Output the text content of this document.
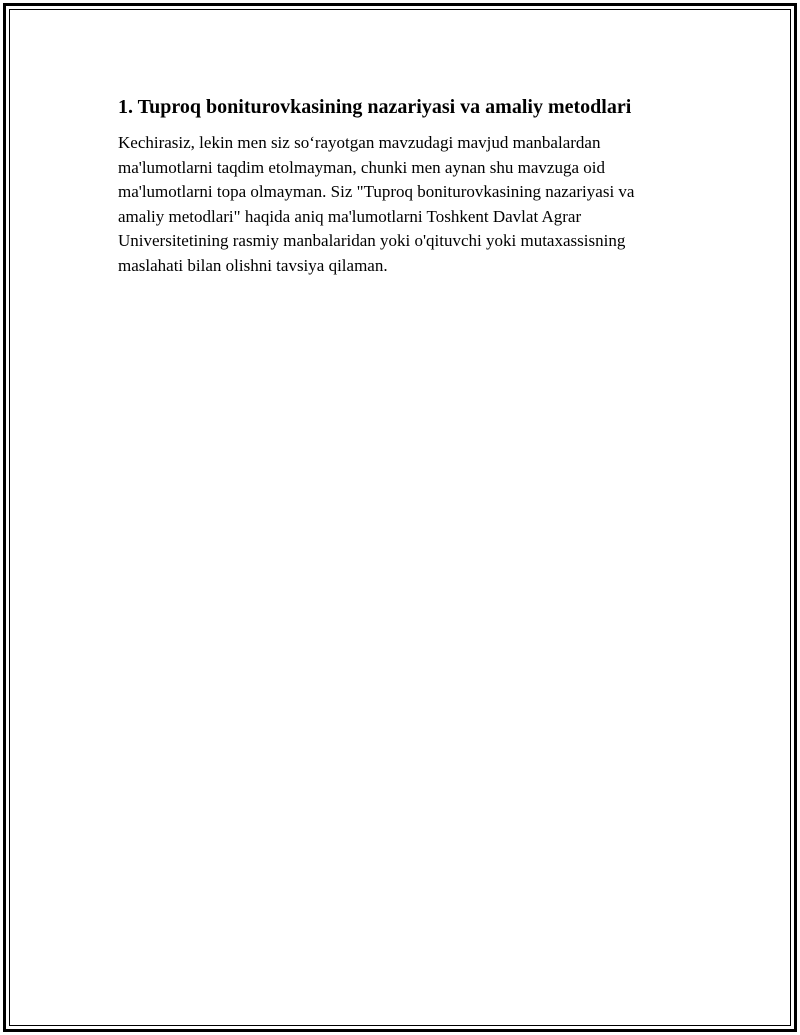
1. Tuproq boniturovkasining nazariyasi va amaliy metodlari

Kechirasiz, lekin men siz so‘rayotgan mavzudagi mavjud manbalardan
ma'lumotlarni taqdim etolmayman, chunki men aynan shu mavzuga oid
ma'lumotlarni topa olmayman. Siz "Tuproq boniturovkasining nazariyasi va
amaliy metodlari" haqida aniq ma'lumotlarni Toshkent Davlat Agrar
Universitetining rasmiy manbalaridan yoki o'qituvchi yoki mutaxassisning
maslahati bilan olishni tavsiya qilaman.
